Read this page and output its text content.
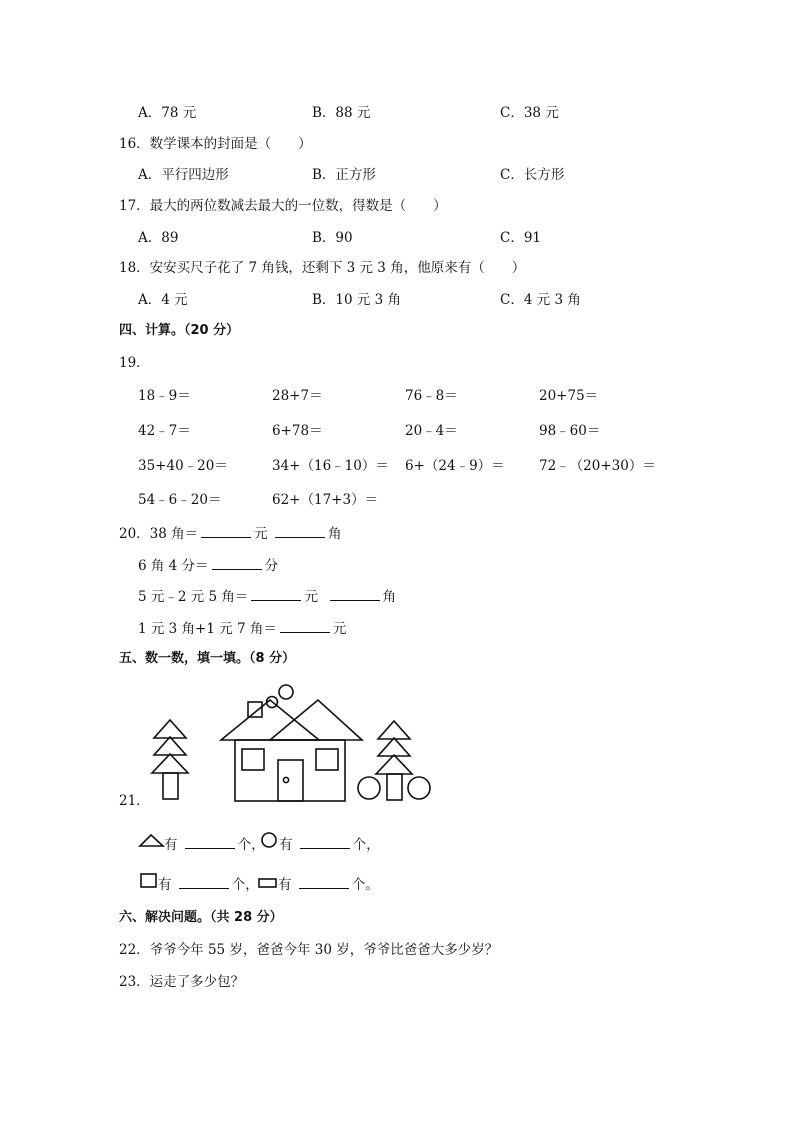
A．78 元	B．88 元	C．38 元
16．数学课本的封面是（　　）
A．平行四边形	B．正方形	C．长方形
17．最大的两位数减去最大的一位数，得数是（　　）
A．89	B．90	C．91
18．安安买尺子花了 7 角钱，还剩下 3 元 3 角，他原来有（　　）
A．4 元	B．10 元 3 角	C．4 元 3 角
四、计算。（20 分）
19．
18﹣9＝	28+7＝	76﹣8＝	20+75＝
42﹣7＝	6+78＝	20﹣4＝	98﹣60＝
35+40﹣20＝	34+（16﹣10）＝ 6+（24﹣9）＝	72﹣（20+30）＝
54﹣6﹣20＝	62+（17+3）＝
20．38 角＝	元	角
6 角 4 分＝	分
5 元﹣2 元 5 角＝	元	角
1 元 3 角+1 元 7 角＝	元
五、数一数，填一填。（8 分）
21．
有	个， 有	个，
有	个， 有	个。
六、解决问题。（共 28 分）
22．爷爷今年 55 岁，爸爸今年 30 岁，爷爷比爸爸大多少岁？
23．运走了多少包？
